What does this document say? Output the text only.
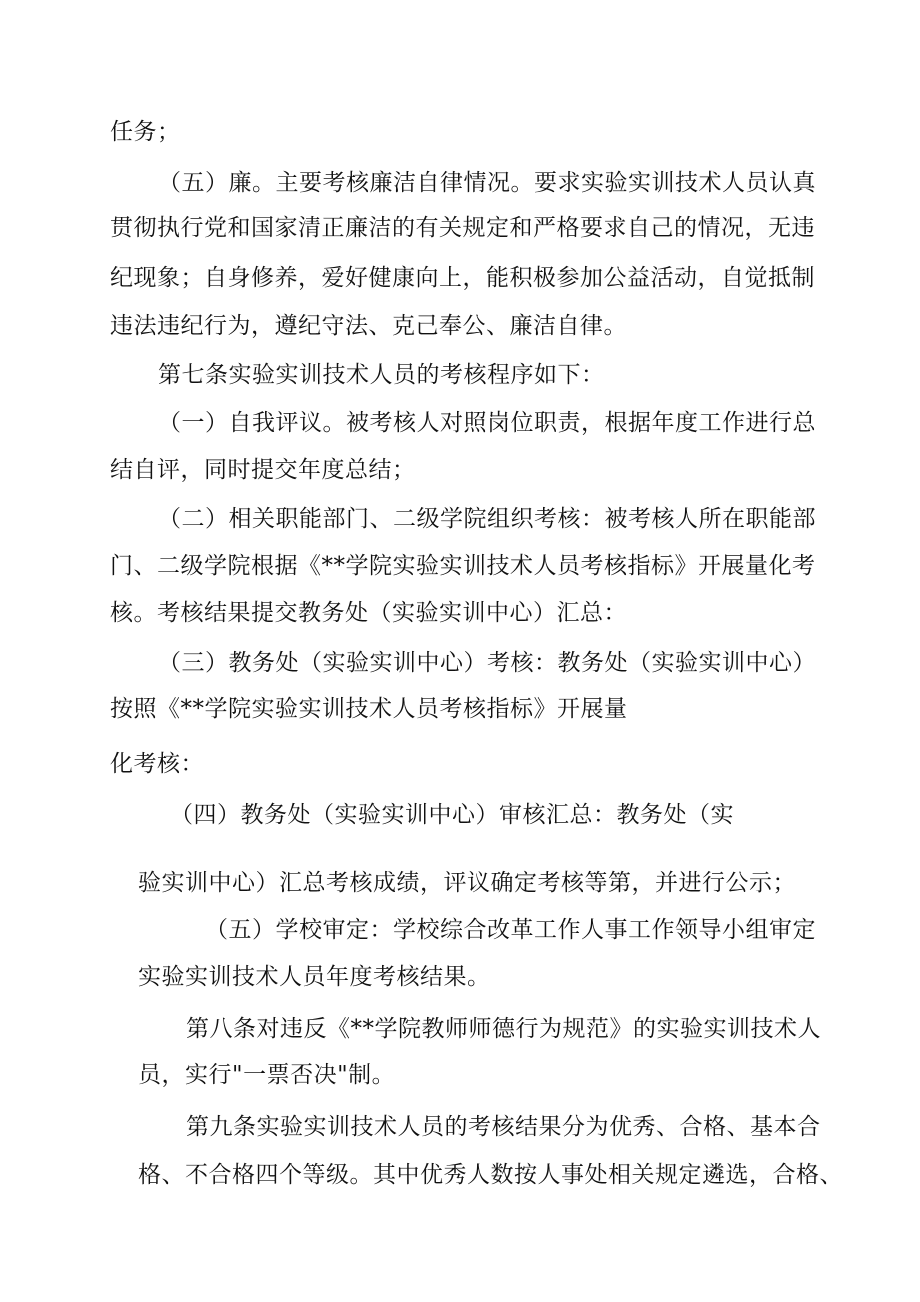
任务；
（五）廉。主要考核廉洁自律情况。要求实验实训技术人员认真
贯彻执行党和国家清正廉洁的有关规定和严格要求自己的情况，无违
纪现象；自身修养，爱好健康向上，能积极参加公益活动，自觉抵制
违法违纪行为，遵纪守法、克己奉公、廉洁自律。
第七条实验实训技术人员的考核程序如下：
（一）自我评议。被考核人对照岗位职责，根据年度工作进行总
结自评，同时提交年度总结；
（二）相关职能部门、二级学院组织考核：被考核人所在职能部
门、二级学院根据《**学院实验实训技术人员考核指标》开展量化考
核。考核结果提交教务处（实验实训中心）汇总：
（三）教务处（实验实训中心）考核：教务处（实验实训中心）
按照《**学院实验实训技术人员考核指标》开展量
化考核：
（四）教务处（实验实训中心）审核汇总：教务处（实
验实训中心）汇总考核成绩，评议确定考核等第，并进行公示；
（五）学校审定：学校综合改革工作人事工作领导小组审定
实验实训技术人员年度考核结果。
第八条对违反《**学院教师师德行为规范》的实验实训技术人
员，实行"一票否决"制。
第九条实验实训技术人员的考核结果分为优秀、合格、基本合
格、不合格四个等级。其中优秀人数按人事处相关规定遴选，合格、
